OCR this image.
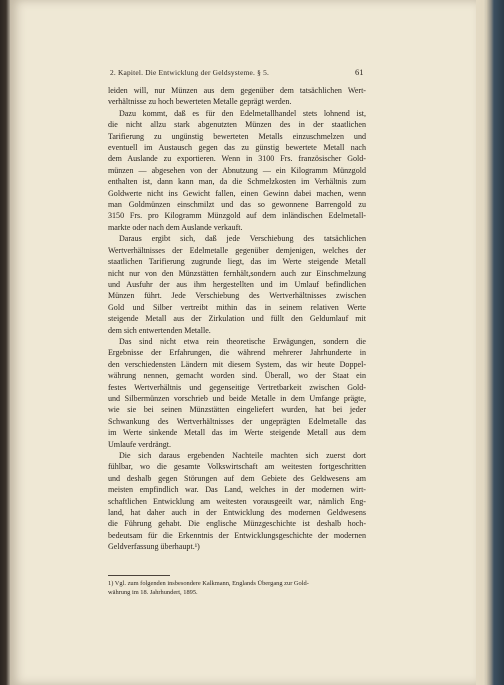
2. Kapitel. Die Entwicklung der Geldsysteme. § 5.	61
leiden will, nur Münzen aus dem gegenüber dem tatsächlichen Wert-
verhältnisse zu hoch bewerteten Metalle geprägt werden.
Dazu kommt, daß es für den Edelmetallhandel stets lohnend ist,
die nicht allzu stark abgenutzten Münzen des in der staatlichen
Tarifierung zu ungünstig bewerteten Metalls einzuschmelzen und
eventuell im Austausch gegen das zu günstig bewertete Metall nach
dem Auslande zu exportieren. Wenn in 3100 Frs. französischer Gold-
münzen — abgesehen von der Abnutzung — ein Kilogramm Münzgold
enthalten ist, dann kann man, da die Schmelzkosten im Verhältnis zum
Goldwerte nicht ins Gewicht fallen, einen Gewinn dabei machen, wenn
man Goldmünzen einschmilzt und das so gewonnene Barrengold zu
3150 Frs. pro Kilogramm Münzgold auf dem inländischen Edelmetall-
markte oder nach dem Auslande verkauft.
Daraus ergibt sich, daß jede Verschiebung des tatsächlichen
Wertverhältnisses der Edelmetalle gegenüber demjenigen, welches der
staatlichen Tarifierung zugrunde liegt, das im Werte steigende Metall
nicht nur von den Münzstätten fernhält,sondern auch zur Einschmelzung
und Ausfuhr der aus ihm hergestellten und im Umlauf befindlichen
Münzen führt. Jede Verschiebung des Wertverhältnisses zwischen
Gold und Silber vertreibt mithin das in seinem relativen Werte
steigende Metall aus der Zirkulation und füllt den Geldumlauf mit
dem sich entwertenden Metalle.
Das sind nicht etwa rein theoretische Erwägungen, sondern die
Ergebnisse der Erfahrungen, die während mehrerer Jahrhunderte in
den verschiedensten Ländern mit diesem System, das wir heute Doppel-
währung nennen, gemacht worden sind. Überall, wo der Staat ein
festes Wertverhältnis und gegenseitige Vertretbarkeit zwischen Gold-
und Silbermünzen vorschrieb und beide Metalle in dem Umfange prägte,
wie sie bei seinen Münzstätten eingeliefert wurden, hat bei jeder
Schwankung des Wertverhältnisses der ungeprägten Edelmetalle das
im Werte sinkende Metall das im Werte steigende Metall aus dem
Umlaufe verdrängt.
Die sich daraus ergebenden Nachteile machten sich zuerst dort
fühlbar, wo die gesamte Volkswirtschaft am weitesten fortgeschritten
und deshalb gegen Störungen auf dem Gebiete des Geldwesens am
meisten empfindlich war. Das Land, welches in der modernen wirt-
schaftlichen Entwicklung am weitesten vorausgeeilt war, nämlich Eng-
land, hat daher auch in der Entwicklung des modernen Geldwesens
die Führung gehabt. Die englische Münzgeschichte ist deshalb hoch-
bedeutsam für die Erkenntnis der Entwicklungsgeschichte der modernen
Geldverfassung überhaupt.¹)
1) Vgl. zum folgenden insbesondere Kalkmann, Englands Übergang zur Gold-
währung im 18. Jahrhundert, 1895.
